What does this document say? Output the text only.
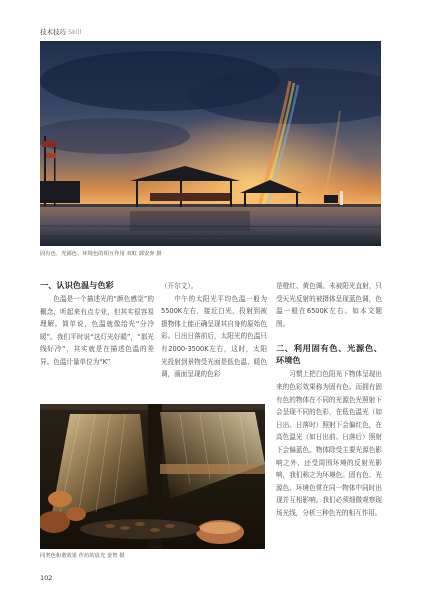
技术技巧 Skill
固有色、光源色、环境色的相互作用 双虹 郭安奔 摄
一、认识色温与色彩

色温是一个描述光的“颜色感觉”的概念，听起来有点专业，但其实很容易理解。简单说，色温就像给光“分冷暖”。我们平时说“这灯光好暖”，“那光线好冷”，其实就是在描述色温的差异。色温计量单位为“K”

（开尔文）。

中午的太阳光平均色温一般为5500K左右，接近白光，投射到被摄物体上能正确呈现其自身的原始色彩。日出日落前后，太阳光的色温只有2000-3500K左右，这时，太阳光投射到景物受光面是低色温、暖色调，画面呈现的色彩

同类色和谐效果 作坊的晨光 姜智 摄

是橙红、黄色调。未被阳光直射，只受天光反射的被摄体呈现蓝色调，色温一般在6500K左右。如本文题图。

二、利用固有色、光源色、环境色

习惯上把白色阳光下物体呈现出来的色彩效果称为固有色。而拥有固有色的物体在不同的光源色光照射下会呈现不同的色彩，在低色温光（如日出、日落时）照射下会偏红色，在高色温光（如日出前、日落后）照射下会偏蓝色。物体除受主要光源色影响之外，还受周围环境的反射光影响，我们称之为环境色。固有色、光源色、环境色常在同一物体中同时出现并互相影响。我们必须细微观察现场光线，分析三种色光的相互作用。

102
